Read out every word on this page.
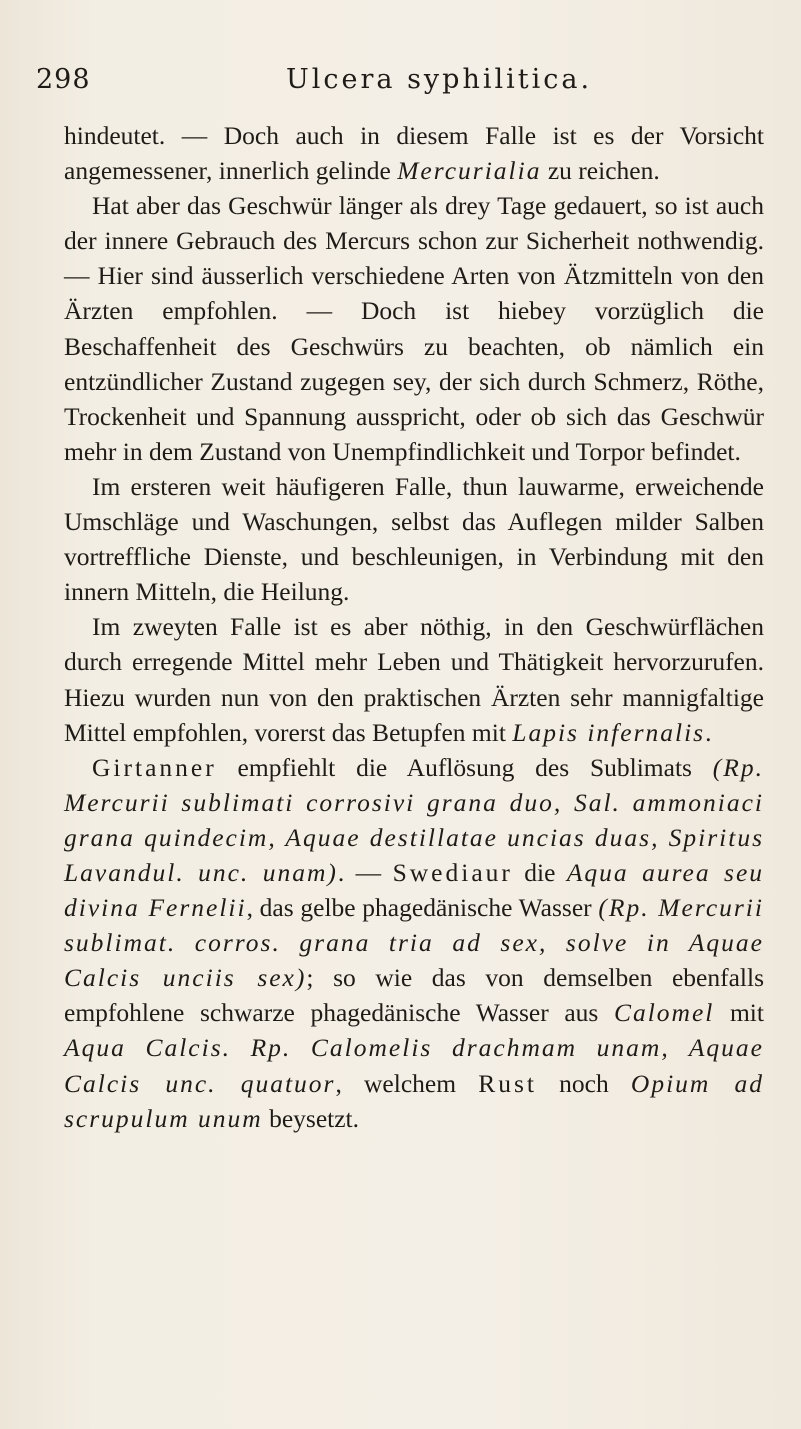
298	Ulcera syphilitica.

hindeutet. — Doch auch in diesem Falle ist es der Vorsicht angemessener, innerlich gelinde Mercurialia zu reichen.

Hat aber das Geschwür länger als drey Tage gedauert, so ist auch der innere Gebrauch des Mercurs schon zur Sicherheit nothwendig. — Hier sind äusserlich verschiedene Arten von Ätzmitteln von den Ärzten empfohlen. — Doch ist hiebey vorzüglich die Beschaffenheit des Geschwürs zu beachten, ob nämlich ein entzündlicher Zustand zugegen sey, der sich durch Schmerz, Röthe, Trockenheit und Spannung ausspricht, oder ob sich das Geschwür mehr in dem Zustand von Unempfindlichkeit und Torpor befindet.

Im ersteren weit häufigeren Falle, thun lauwarme, erweichende Umschläge und Waschungen, selbst das Auflegen milder Salben vortreffliche Dienste, und beschleunigen, in Verbindung mit den innern Mitteln, die Heilung.

Im zweyten Falle ist es aber nöthig, in den Geschwürflächen durch erregende Mittel mehr Leben und Thätigkeit hervorzurufen. Hiezu wurden nun von den praktischen Ärzten sehr mannigfaltige Mittel empfohlen, vorerst das Betupfen mit Lapis infernalis.

Girtanner empfiehlt die Auflösung des Sublimats (Rp. Mercurii sublimati corrosivi grana duo, Sal. ammoniaci grana quindecim, Aquae destillatae uncias duas, Spiritus Lavandul. unc. unam). — Swediaur die Aqua aurea seu divina Fernelii, das gelbe phagedänische Wasser (Rp. Mercurii sublimat. corros. grana tria ad sex, solve in Aquae Calcis unciis sex); so wie das von demselben ebenfalls empfohlene schwarze phagedänische Wasser aus Calomel mit Aqua Calcis. Rp. Calomelis drachmam unam, Aquae Calcis unc. quatuor, welchem Rust noch Opium ad scrupulum unum beysetzt.
